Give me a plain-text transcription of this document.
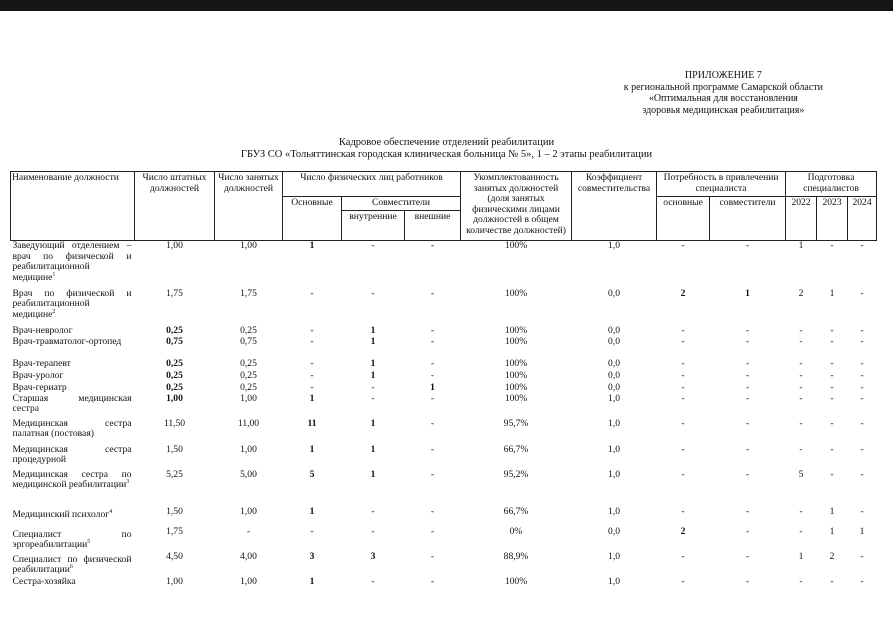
ПРИЛОЖЕНИЕ 7
к региональной программе Самарской области
«Оптимальная для восстановления
здоровья медицинская реабилитация»
Кадровое обеспечение отделений реабилитации
ГБУЗ СО «Тольяттинская городская клиническая больница № 5», 1 – 2 этапы реабилитации
Наименование должности	Число штатных должностей	Число занятых должностей	Число физических лиц работников			Укомплектованность занятых должностей (доля занятых физическими лицами должностей в общем количестве должностей)	Коэффициент совместительства	Потребность в привлечении специалиста		Подготовка специалистов		
			Основные	Совместители				основные	совместители	2022	2023	2024
				внутренние	внешние							
Заведующий отделением – врач по физической и реабилитационной медицине$^1$	1,00	1,00	1	-	-	100%	1,0	-	-	1	-	-
Врач по физической и реабилитационной медицине$^2$	1,75	1,75	-	-	-	100%	0,0	2	1	2	1	-
Врач-невролог	0,25	0,25	-	1	-	100%	0,0	-	-	-	-	-
Врач-травматолог-ортопед	0,75	0,75	-	1	-	100%	0,0	-	-	-	-	-
Врач-терапевт	0,25	0,25	-	1	-	100%	0,0	-	-	-	-	-
Врач-уролог	0,25	0,25	-	1	-	100%	0,0	-	-	-	-	-
Врач-гериатр	0,25	0,25	-	-	1	100%	0,0	-	-	-	-	-
Старшая медицинская сестра	1,00	1,00	1	-	-	100%	1,0	-	-	-	-	-
Медицинская сестра палатная (постовая)	11,50	11,00	11	1	-	95,7%	1,0	-	-	-	-	-
Медицинская сестра процедурной	1,50	1,00	1	1	-	66,7%	1,0	-	-	-	-	-
Медицинская сестра по медицинской реабилитации$^3$	5,25	5,00	5	1	-	95,2%	1,0	-	-	5	-	-
Медицинский психолог$^4$	1,50	1,00	1	-	-	66,7%	1,0	-	-	-	1	-
Специалист по эргореабилитации$^5$	1,75	-	-	-	-	0%	0,0	2	-	-	1	1
Специалист по физической реабилитации$^6$	4,50	4,00	3	3	-	88,9%	1,0	-	-	1	2	-
Сестра-хозяйка	1,00	1,00	1	-	-	100%	1,0	-	-	-	-	-
